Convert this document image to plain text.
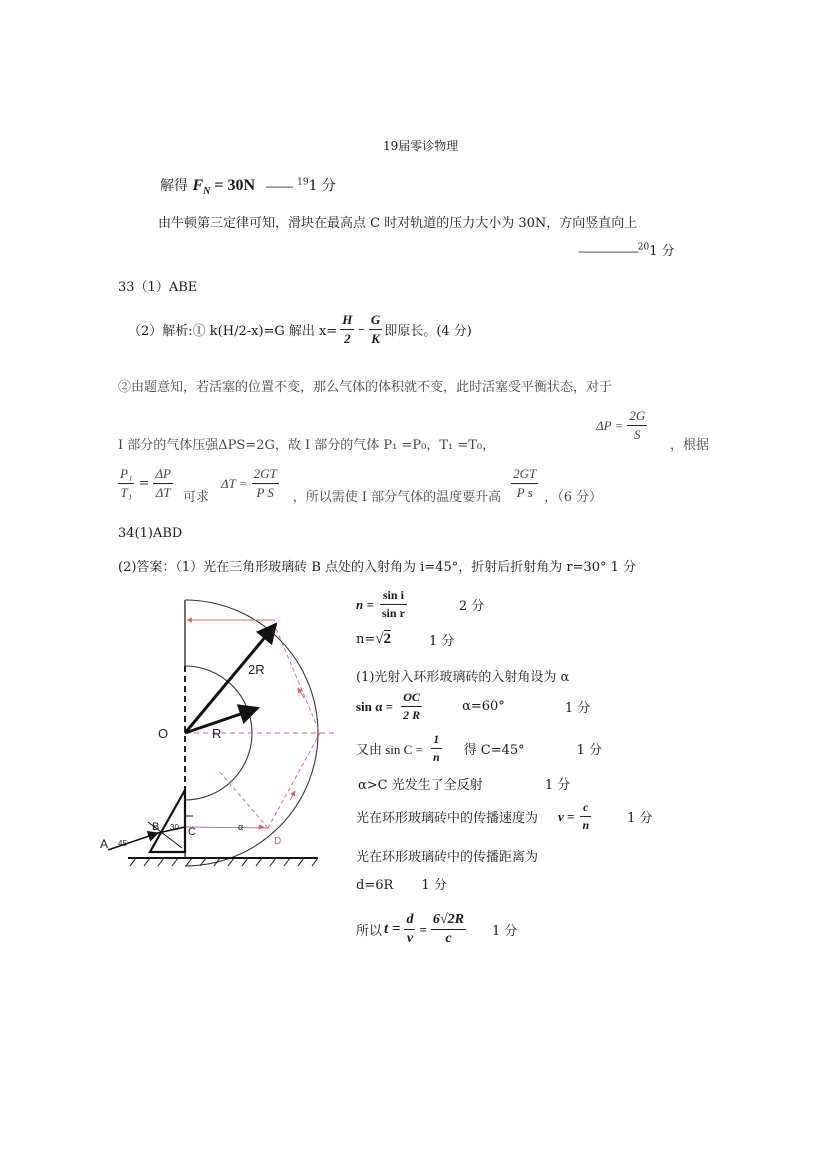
19届零诊物理
解得 $F_N = 30N$ ---------- $^{19}$1 分
由牛顿第三定律可知，滑块在最高点 C 时对轨道的压力大小为 30N，方向竖直向上
----------------------$^{20}$1 分
33（1）ABE
（2）解析:① k(H/2-x)=G 解出 $x= \frac{H}{2} - \frac{G}{K}$ 即原长。(4 分)
②由题意知，若活塞的位置不变，那么气体的体积就不变，此时活塞受平衡状态，对于
$\Delta P = \frac{2G}{S}$
Ⅰ 部分的气体压强ΔPS=2G，故 Ⅰ 部分的气体 P₁ =P₀，T₁ =T₀，	，根据
$\frac{\text{P₁}}{\text{T₁}} = \frac{\Delta P}{\Delta T}$ 可求
$\Delta T = \frac{2GT}{\text{P S}}$ ，所以需使 Ⅰ 部分气体的温度要升高 $\frac{2GT}{\text{P s}}$ ，（6 分）
34(1)ABD
(2)答案：（1）光在三角形玻璃砖 B 点处的入射角为 i=45°，折射后折射角为 r=30° 1 分
2R
R
O
A
B	C
D
45
30	α
$n = \frac{\text{sin i}}{\text{sin r}}$	2 分
n= √2	1 分
(1)光射入环形玻璃砖的入射角设为 α
$\sin \alpha = \frac{OC}{2 R}$	α=60°	1 分
又由 $\sin C = \frac{1}{n}$ 得 C=45°	1 分
α>C 光发生了全反射	1 分
光在环形玻璃砖中的传播速度为 $v = \frac{c}{n}$	1 分
光在环形玻璃砖中的传播距离为
d=6R 1 分
所以 $t = \frac{d}{v} = \frac{6√2R}{c} 1$ 分
